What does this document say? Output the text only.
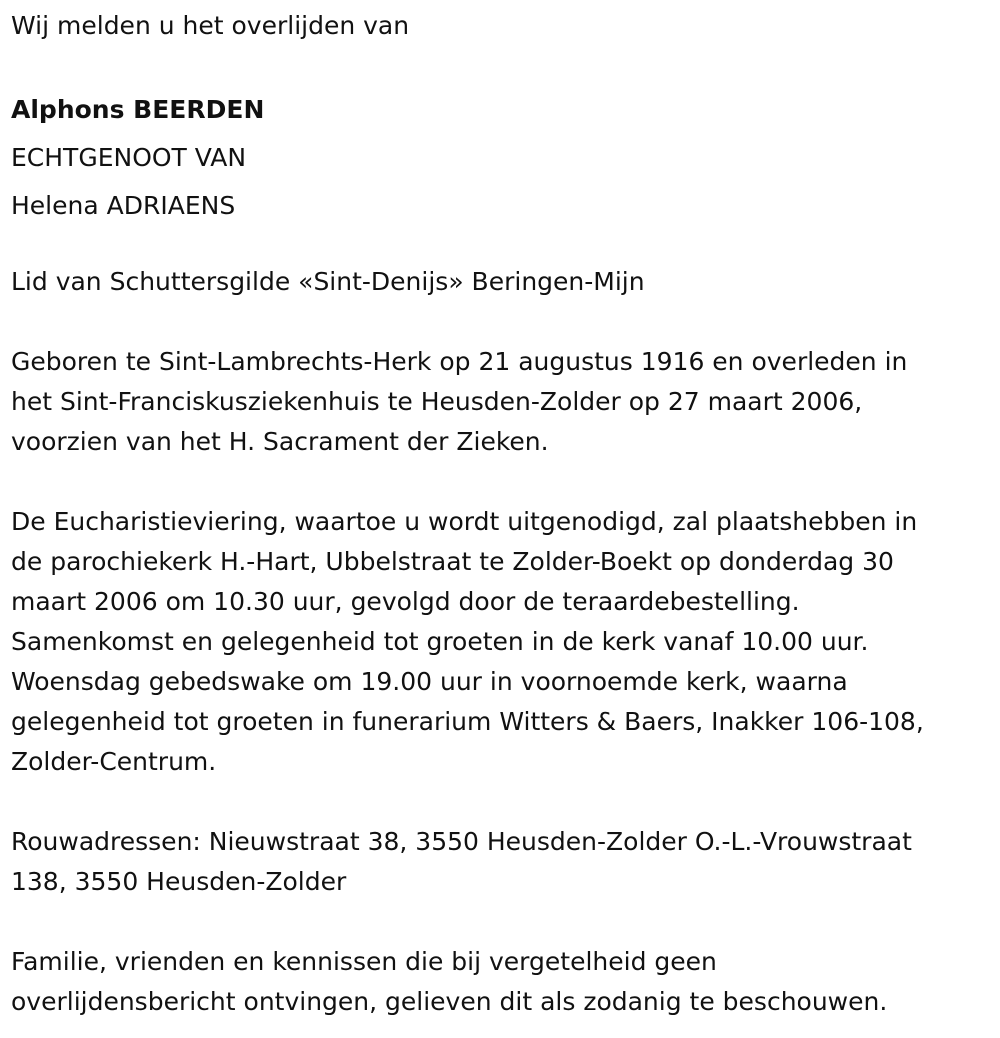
Wij melden u het overlijden van

Alphons BEERDEN
ECHTGENOOT VAN
Helena ADRIAENS

Lid van Schuttersgilde «Sint-Denijs» Beringen-Mijn

Geboren te Sint-Lambrechts-Herk op 21 augustus 1916 en overleden in
het Sint-Franciskusziekenhuis te Heusden-Zolder op 27 maart 2006,
voorzien van het H. Sacrament der Zieken.
De Eucharistieviering, waartoe u wordt uitgenodigd, zal plaatshebben in
de parochiekerk H.-Hart, Ubbelstraat te Zolder-Boekt op donderdag 30
maart 2006 om 10.30 uur, gevolgd door de teraardebestelling.
Samenkomst en gelegenheid tot groeten in de kerk vanaf 10.00 uur.
Woensdag gebedswake om 19.00 uur in voornoemde kerk, waarna
gelegenheid tot groeten in funerarium Witters & Baers, Inakker 106-108,
Zolder-Centrum.
Rouwadressen: Nieuwstraat 38, 3550 Heusden-Zolder O.-L.-Vrouwstraat
138, 3550 Heusden-Zolder
Familie, vrienden en kennissen die bij vergetelheid geen
overlijdensbericht ontvingen, gelieven dit als zodanig te beschouwen.
